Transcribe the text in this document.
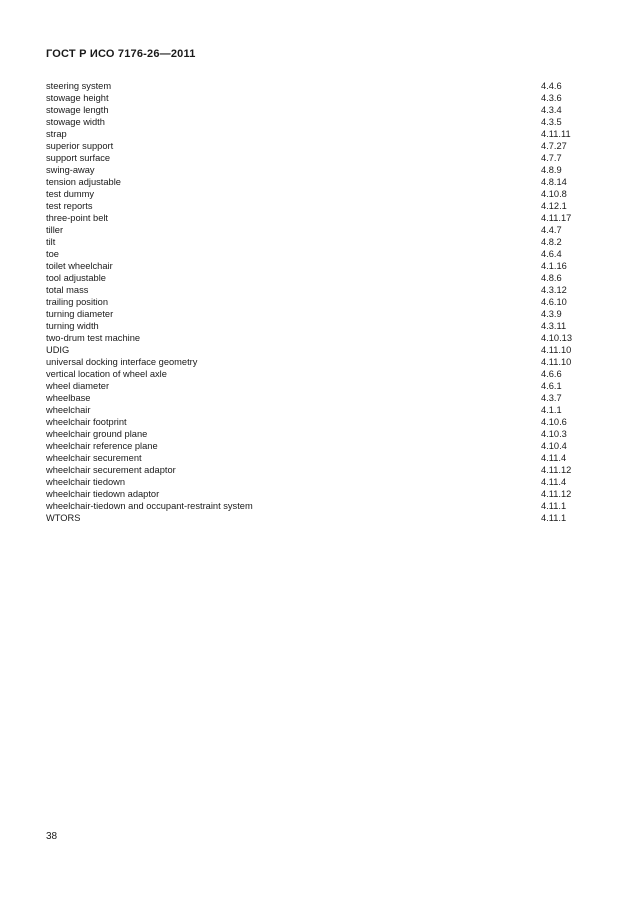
ГОСТ Р ИСО 7176-26—2011
steering system	4.4.6
stowage height	4.3.6
stowage length	4.3.4
stowage width	4.3.5
strap	4.11.11
superior support	4.7.27
support surface	4.7.7
swing-away	4.8.9
tension adjustable	4.8.14
test dummy	4.10.8
test reports	4.12.1
three-point belt	4.11.17
tiller	4.4.7
tilt	4.8.2
toe	4.6.4
toilet wheelchair	4.1.16
tool adjustable	4.8.6
total mass	4.3.12
trailing position	4.6.10
turning diameter	4.3.9
turning width	4.3.11
two-drum test machine	4.10.13
UDIG	4.11.10
universal docking interface geometry	4.11.10
vertical location of wheel axle	4.6.6
wheel diameter	4.6.1
wheelbase	4.3.7
wheelchair	4.1.1
wheelchair footprint	4.10.6
wheelchair ground plane	4.10.3
wheelchair reference plane	4.10.4
wheelchair securement	4.11.4
wheelchair securement adaptor	4.11.12
wheelchair tiedown	4.11.4
wheelchair tiedown adaptor	4.11.12
wheelchair-tiedown and occupant-restraint system	4.11.1
WTORS	4.11.1
38
